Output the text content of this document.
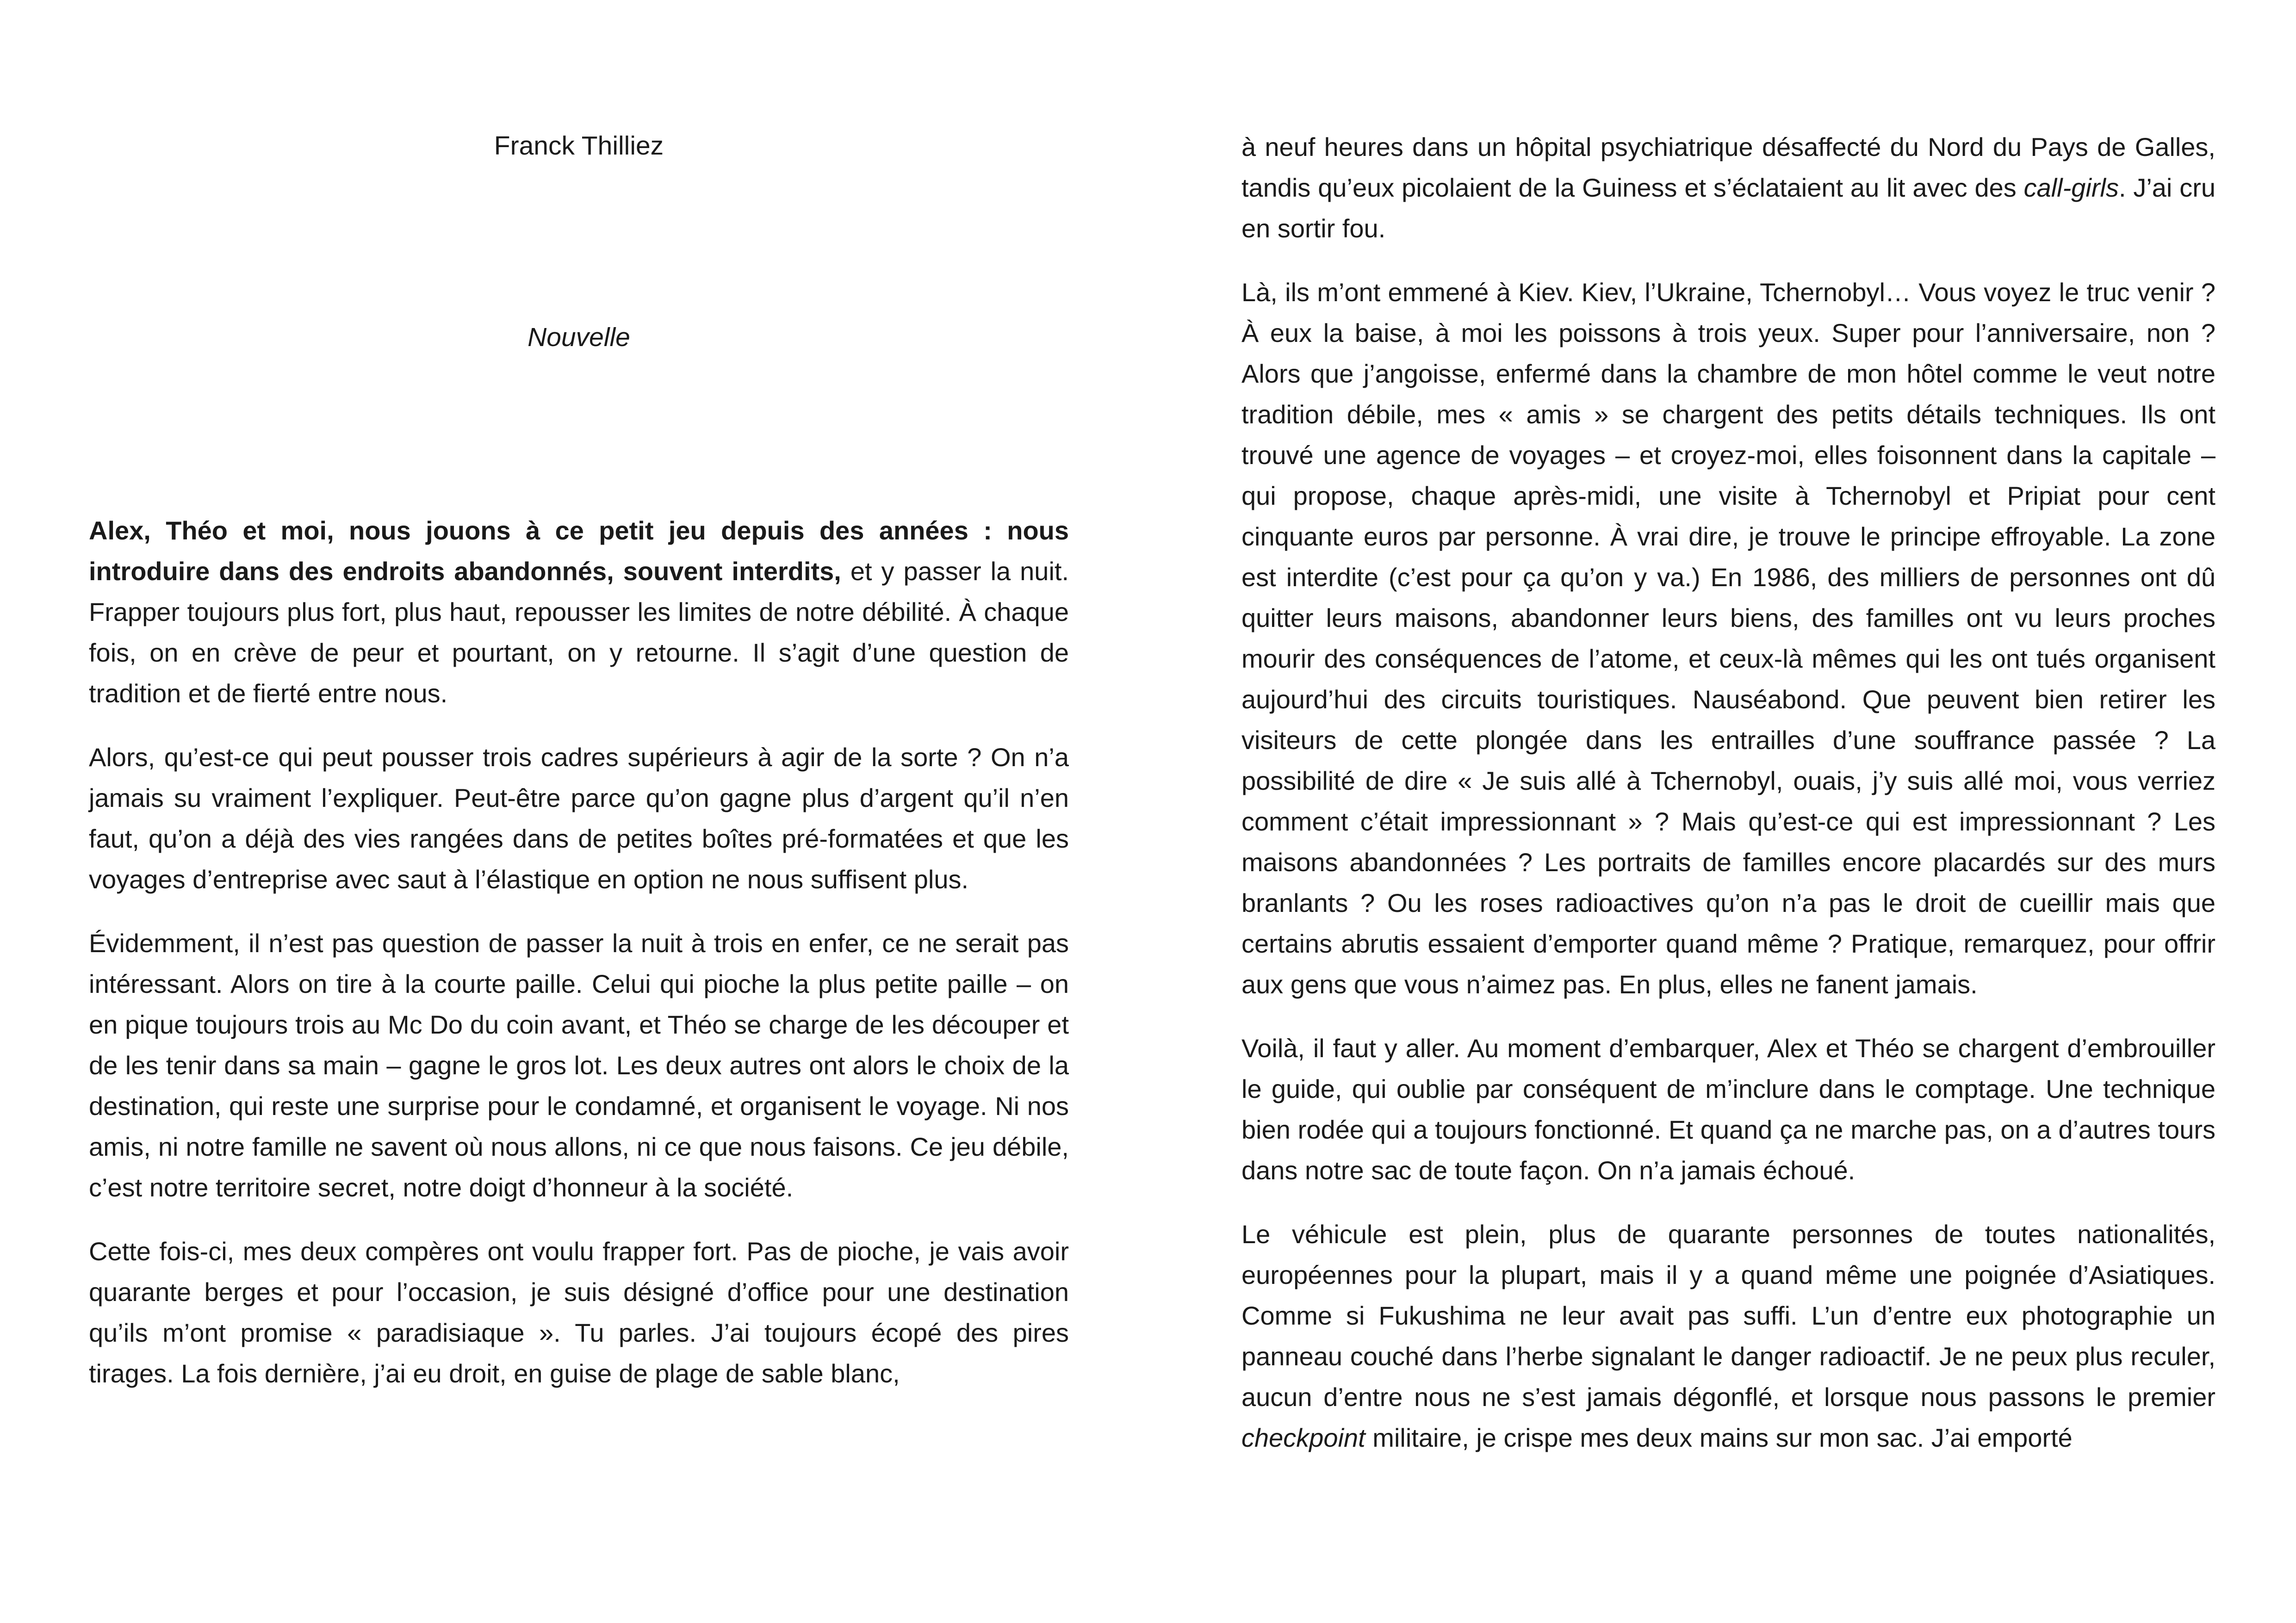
Franck Thilliez

Nouvelle

Alex, Théo et moi, nous jouons à ce petit jeu depuis des années : nous introduire dans des endroits abandonnés, souvent interdits, et y passer la nuit. Frapper toujours plus fort, plus haut, repousser les limites de notre débilité. À chaque fois, on en crève de peur et pourtant, on y retourne. Il s’agit d’une question de tradition et de fierté entre nous.

Alors, qu’est-ce qui peut pousser trois cadres supérieurs à agir de la sorte ? On n’a jamais su vraiment l’expliquer. Peut-être parce qu’on gagne plus d’argent qu’il n’en faut, qu’on a déjà des vies rangées dans de petites boîtes pré-formatées et que les voyages d’entreprise avec saut à l’élastique en option ne nous suffisent plus.

Évidemment, il n’est pas question de passer la nuit à trois en enfer, ce ne serait pas intéressant. Alors on tire à la courte paille. Celui qui pioche la plus petite paille – on en pique toujours trois au Mc Do du coin avant, et Théo se charge de les découper et de les tenir dans sa main – gagne le gros lot. Les deux autres ont alors le choix de la destination, qui reste une surprise pour le condamné, et organisent le voyage. Ni nos amis, ni notre famille ne savent où nous allons, ni ce que nous faisons. Ce jeu débile, c’est notre territoire secret, notre doigt d’honneur à la société.

Cette fois-ci, mes deux compères ont voulu frapper fort. Pas de pioche, je vais avoir quarante berges et pour l’occasion, je suis désigné d’office pour une destination qu’ils m’ont promise « paradisiaque ». Tu parles. J’ai toujours écopé des pires tirages. La fois dernière, j’ai eu droit, en guise de plage de sable blanc,

à neuf heures dans un hôpital psychiatrique désaffecté du Nord du Pays de Galles, tandis qu’eux picolaient de la Guiness et s’éclataient au lit avec des call-girls. J’ai cru en sortir fou.

Là, ils m’ont emmené à Kiev. Kiev, l’Ukraine, Tchernobyl… Vous voyez le truc venir ? À eux la baise, à moi les poissons à trois yeux. Super pour l’anniversaire, non ? Alors que j’angoisse, enfermé dans la chambre de mon hôtel comme le veut notre tradition débile, mes « amis » se chargent des petits détails techniques. Ils ont trouvé une agence de voyages – et croyez-moi, elles foisonnent dans la capitale – qui propose, chaque après-midi, une visite à Tchernobyl et Pripiat pour cent cinquante euros par personne. À vrai dire, je trouve le principe effroyable. La zone est interdite (c’est pour ça qu’on y va.) En 1986, des milliers de personnes ont dû quitter leurs maisons, abandonner leurs biens, des familles ont vu leurs proches mourir des conséquences de l’atome, et ceux-là mêmes qui les ont tués organisent aujourd’hui des circuits touristiques. Nauséabond. Que peuvent bien retirer les visiteurs de cette plongée dans les entrailles d’une souffrance passée ? La possibilité de dire « Je suis allé à Tchernobyl, ouais, j’y suis allé moi, vous verriez comment c’était impressionnant » ? Mais qu’est-ce qui est impressionnant ? Les maisons abandonnées ? Les portraits de familles encore placardés sur des murs branlants ? Ou les roses radioactives qu’on n’a pas le droit de cueillir mais que certains abrutis essaient d’emporter quand même ? Pratique, remarquez, pour offrir aux gens que vous n’aimez pas. En plus, elles ne fanent jamais.

Voilà, il faut y aller. Au moment d’embarquer, Alex et Théo se chargent d’embrouiller le guide, qui oublie par conséquent de m’inclure dans le comptage. Une technique bien rodée qui a toujours fonctionné. Et quand ça ne marche pas, on a d’autres tours dans notre sac de toute façon. On n’a jamais échoué.

Le véhicule est plein, plus de quarante personnes de toutes nationalités, européennes pour la plupart, mais il y a quand même une poignée d’Asiatiques. Comme si Fukushima ne leur avait pas suffi. L’un d’entre eux photographie un panneau couché dans l’herbe signalant le danger radioactif. Je ne peux plus reculer, aucun d’entre nous ne s’est jamais dégonflé, et lorsque nous passons le premier checkpoint militaire, je crispe mes deux mains sur mon sac. J’ai emporté
